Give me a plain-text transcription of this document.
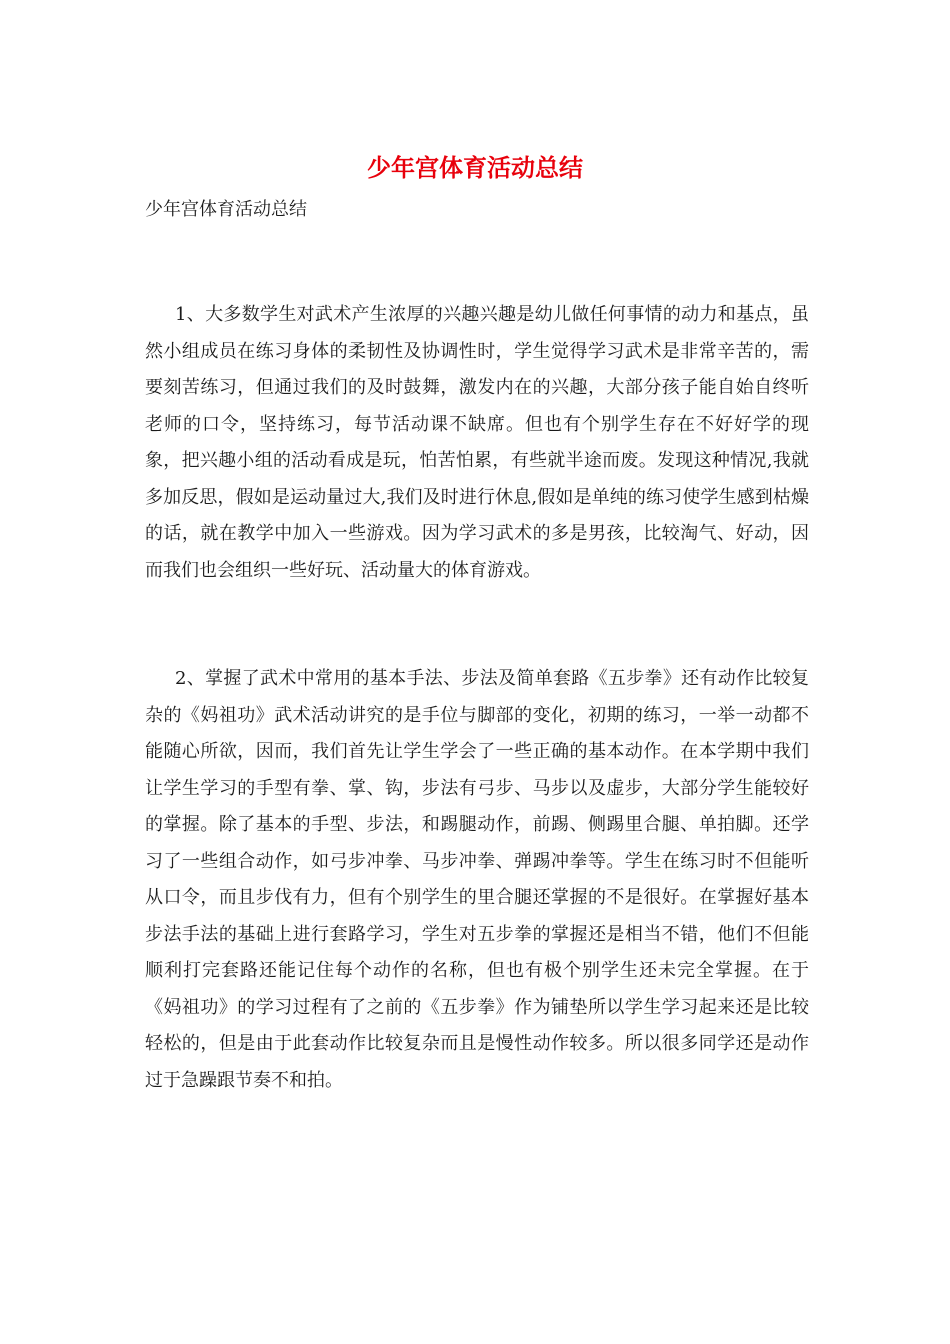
少年宫体育活动总结

少年宫体育活动总结

1、大多数学生对武术产生浓厚的兴趣兴趣是幼儿做任何事情的动力和基点，虽然小组成员在练习身体的柔韧性及协调性时，学生觉得学习武术是非常辛苦的，需要刻苦练习，但通过我们的及时鼓舞，激发内在的兴趣，大部分孩子能自始自终听老师的口令，坚持练习，每节活动课不缺席。但也有个别学生存在不好好学的现象，把兴趣小组的活动看成是玩，怕苦怕累，有些就半途而废。发现这种情况,我就多加反思，假如是运动量过大,我们及时进行休息,假如是单纯的练习使学生感到枯燥的话，就在教学中加入一些游戏。因为学习武术的多是男孩，比较淘气、好动，因而我们也会组织一些好玩、活动量大的体育游戏。

2、掌握了武术中常用的基本手法、步法及简单套路《五步拳》还有动作比较复杂的《妈祖功》武术活动讲究的是手位与脚部的变化，初期的练习，一举一动都不能随心所欲，因而，我们首先让学生学会了一些正确的基本动作。在本学期中我们让学生学习的手型有拳、掌、钩，步法有弓步、马步以及虚步，大部分学生能较好的掌握。除了基本的手型、步法，和踢腿动作，前踢、侧踢里合腿、单拍脚。还学习了一些组合动作，如弓步冲拳、马步冲拳、弹踢冲拳等。学生在练习时不但能听从口令，而且步伐有力，但有个别学生的里合腿还掌握的不是很好。在掌握好基本步法手法的基础上进行套路学习，学生对五步拳的掌握还是相当不错，他们不但能顺利打完套路还能记住每个动作的名称，但也有极个别学生还未完全掌握。在于《妈祖功》的学习过程有了之前的《五步拳》作为铺垫所以学生学习起来还是比较轻松的，但是由于此套动作比较复杂而且是慢性动作较多。所以很多同学还是动作过于急躁跟节奏不和拍。
